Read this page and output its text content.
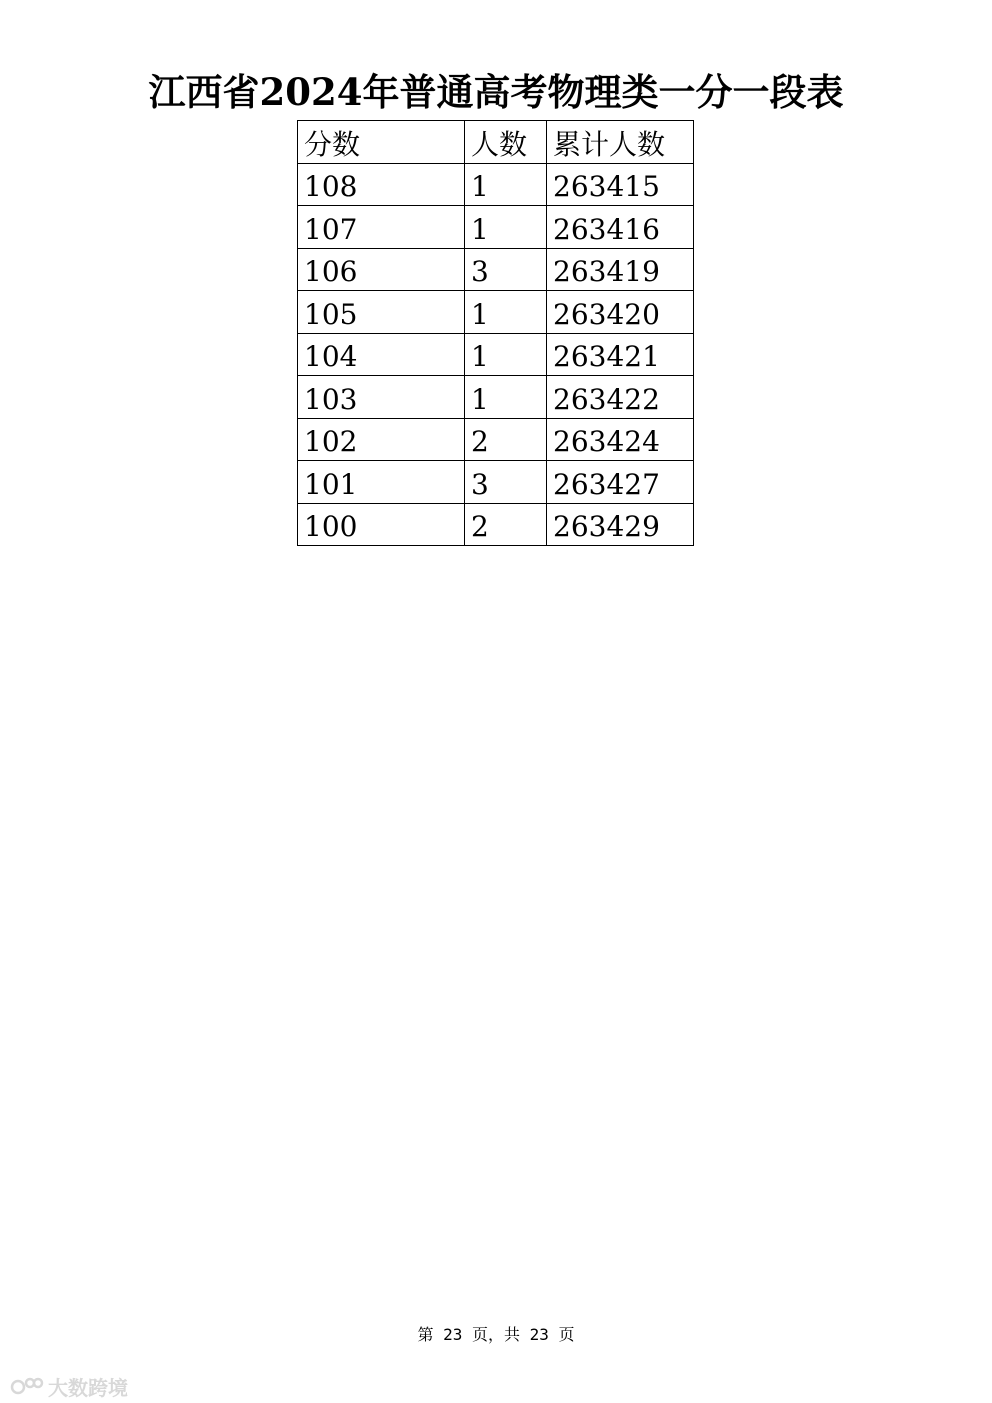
江西省2024年普通高考物理类一分一段表
分数	人数	累计人数
108	1	263415
107	1	263416
106	3	263419
105	1	263420
104	1	263421
103	1	263422
102	2	263424
101	3	263427
100	2	263429
第 23 页，共 23 页
大数跨境
